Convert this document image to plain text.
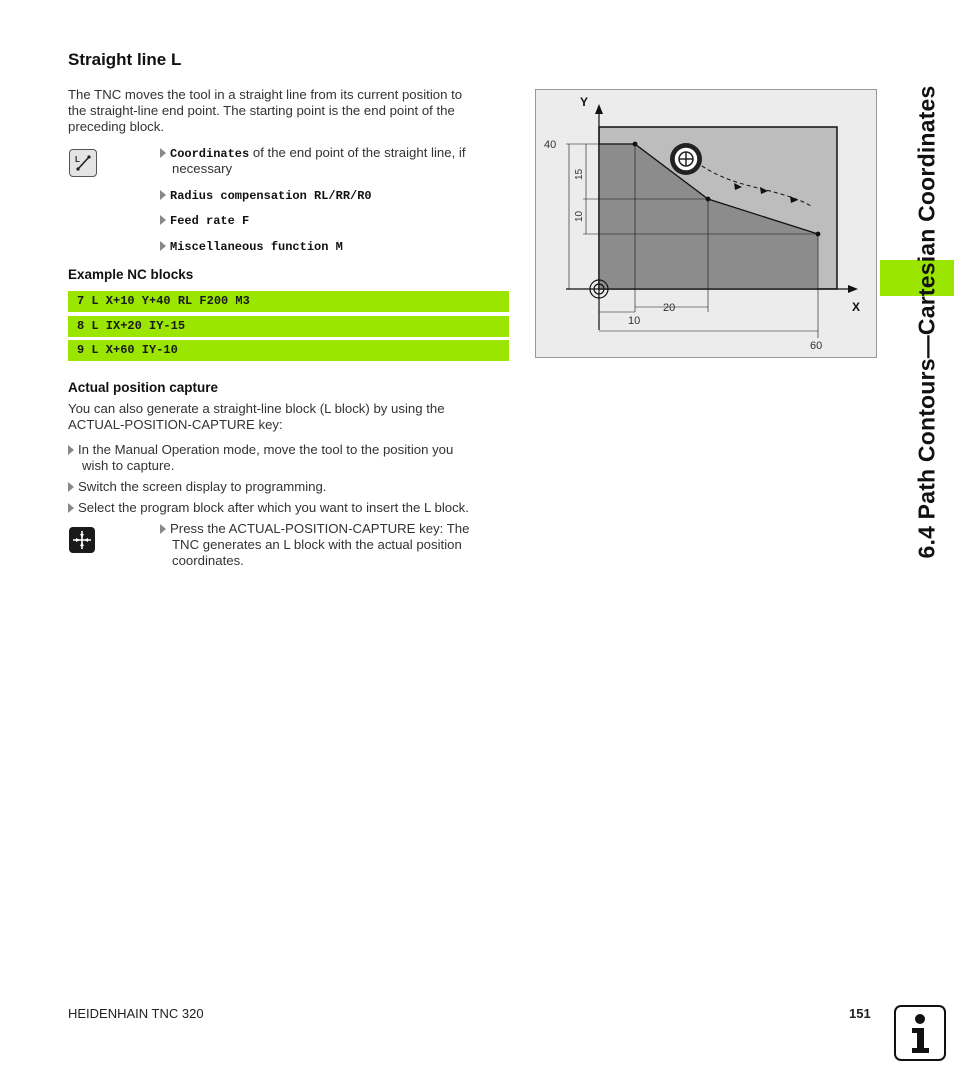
Straight line L
The TNC moves the tool in a straight line from its current position to
the straight-line end point. The starting point is the end point of the
preceding block.
L	Coordinates of the end point of the straight line, if
necessary
Radius compensation RL/RR/R0
Feed rate F
Miscellaneous function M
Example NC blocks
7 L X+10 Y+40 RL F200 M3
8 L IX+20 IY-15
9 L X+60 IY-10
Actual position capture
You can also generate a straight-line block (L block) by using the
ACTUAL-POSITION-CAPTURE key:
In the Manual Operation mode, move the tool to the position you
wish to capture.
Switch the screen display to programming.
Select the program block after which you want to insert the L block.
Press the ACTUAL-POSITION-CAPTURE key: The
TNC generates an L block with the actual position
coordinates.
Y
X
40
15
10
20
10
60	6.4 Path Contours—Cartesian Coordinates
HEIDENHAIN TNC 320	151
